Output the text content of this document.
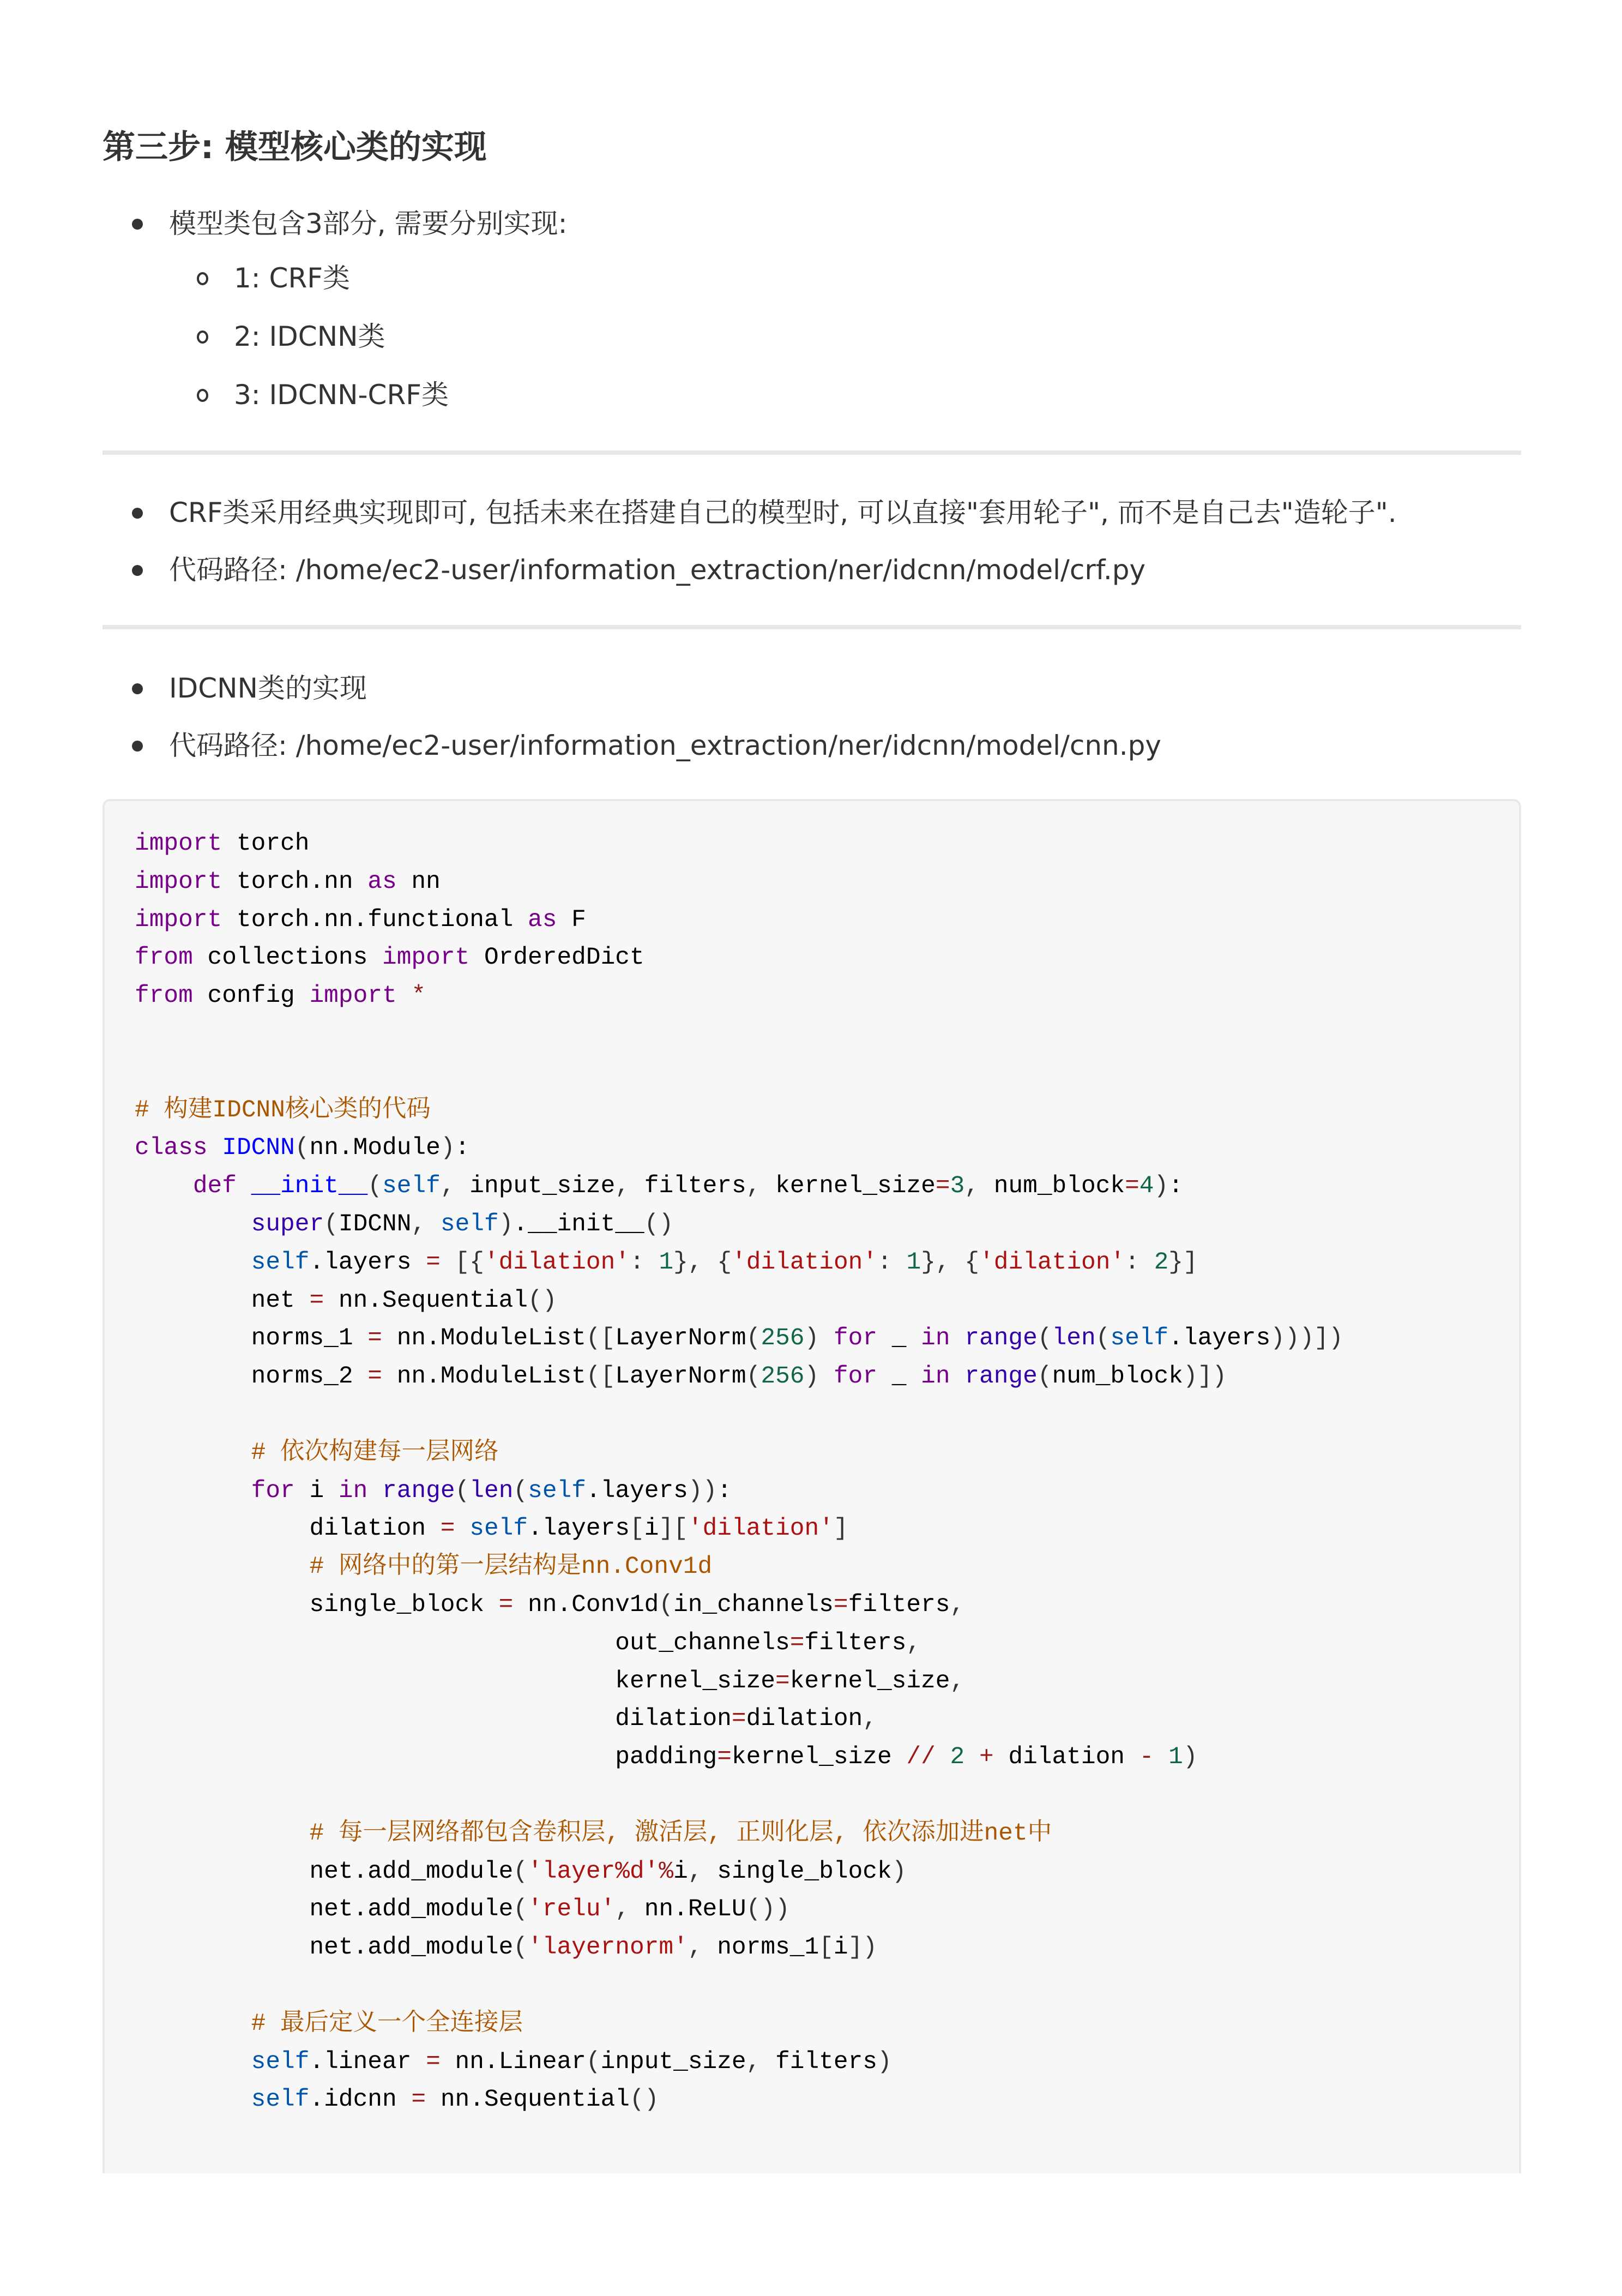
第三步: 模型核心类的实现
模型类包含3部分, 需要分别实现:
1: CRF类
2: IDCNN类
3: IDCNN-CRF类
CRF类采用经典实现即可, 包括未来在搭建自己的模型时, 可以直接"套用轮子", 而不是自己去"造轮子".
代码路径: /home/ec2-user/information_extraction/ner/idcnn/model/crf.py
IDCNN类的实现
代码路径: /home/ec2-user/information_extraction/ner/idcnn/model/cnn.py
import torch
import torch.nn as nn
import torch.nn.functional as F
from collections import OrderedDict
from config import *

# 构建IDCNN核心类的代码
class IDCNN(nn.Module):
def __init__(self, input_size, filters, kernel_size=3, num_block=4):
super(IDCNN, self).__init__()
self.layers = [{'dilation': 1}, {'dilation': 1}, {'dilation': 2}]
net = nn.Sequential()
norms_1 = nn.ModuleList([LayerNorm(256) for _ in range(len(self.layers)))])
norms_2 = nn.ModuleList([LayerNorm(256) for _ in range(num_block)])

# 依次构建每一层网络
for i in range(len(self.layers)):
dilation = self.layers[i]['dilation']
# 网络中的第一层结构是nn.Conv1d
single_block = nn.Conv1d(in_channels=filters,
out_channels=filters,
kernel_size=kernel_size,
dilation=dilation,
padding=kernel_size // 2 + dilation - 1)

# 每一层网络都包含卷积层, 激活层, 正则化层, 依次添加进net中
net.add_module('layer%d'%i, single_block)
net.add_module('relu', nn.ReLU())
net.add_module('layernorm', norms_1[i])

# 最后定义一个全连接层
self.linear = nn.Linear(input_size, filters)
self.idcnn = nn.Sequential()
